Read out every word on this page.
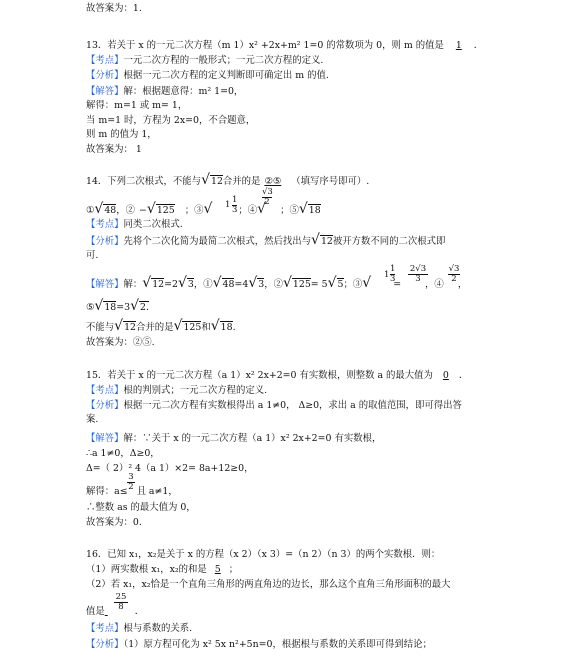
故答案为：1.
13．若关于 x 的一元二次方程（m 1）x² +2x+m² 1=0 的常数项为 0，则 m 的值是 1 ．
【考点】一元二次方程的一般形式；一元二次方程的定义.
【分析】根据一元二次方程的定义判断即可确定出 m 的值.
【解答】解：根据题意得：m² 1=0，
解得：m=1 或 m= 1，
当 m=1 时，方程为 2x=0，不合题意，
则 m 的值为 1，
故答案为： 1
14．下列二次根式，不能与√12合并的是 ②⑤ （填写序号即可）.
①√48，② −√125 ；③√	；④√ ；⑤√18
1 1
3
$\frac{√3}{2}$
【考点】同类二次根式.
【分析】先将个二次化简为最简二次根式，然后找出与√12被开方数不同的二次根式即
可.
【解答】解：√12=2√3，①√48=4√3，②√125= 5√5；③√ =	，④ ，
1
1
$3 \frac{2√3}{3} \frac{√3}{2}$
⑤√18=3√2.
不能与√12合并的是√125和√18.
故答案为：②⑤.
15．若关于 x 的一元二次方程（a 1）x² 2x+2=0 有实数根，则整数 a 的最大值为 0 ．
【考点】根的判别式；一元二次方程的定义.
【分析】根据一元二次方程有实数根得出 a 1≠0， Δ≥0，求出 a 的取值范围，即可得出答
案.
【解答】解：∵关于 x 的一元二次方程（a 1）x² 2x+2=0 有实数根，
∴a 1≠0，Δ≥0，
Δ=（ 2）² 4（a 1）×2= 8a+12≥0，
$\frac{3}{2}$
解得：a≤ 且 a≠1，
∴整数 as 的最大值为 0，
故答案为：0.
16．已知 x₁，x₂是关于 x 的方程（x 2）（x 3）=（n 2）（n 3）的两个实数根．则：
（1）两实数根 x₁，x₂的和是 5 ；
（2）若 x₁，x₂恰是一个直角三角形的两直角边的边长，那么这个直角三角形面积的最大
$\frac{25}{8}$
值是	．
【考点】根与系数的关系.
【分析】（1）原方程可化为 x² 5x n²+5n=0，根据根与系数的关系即可得到结论；
